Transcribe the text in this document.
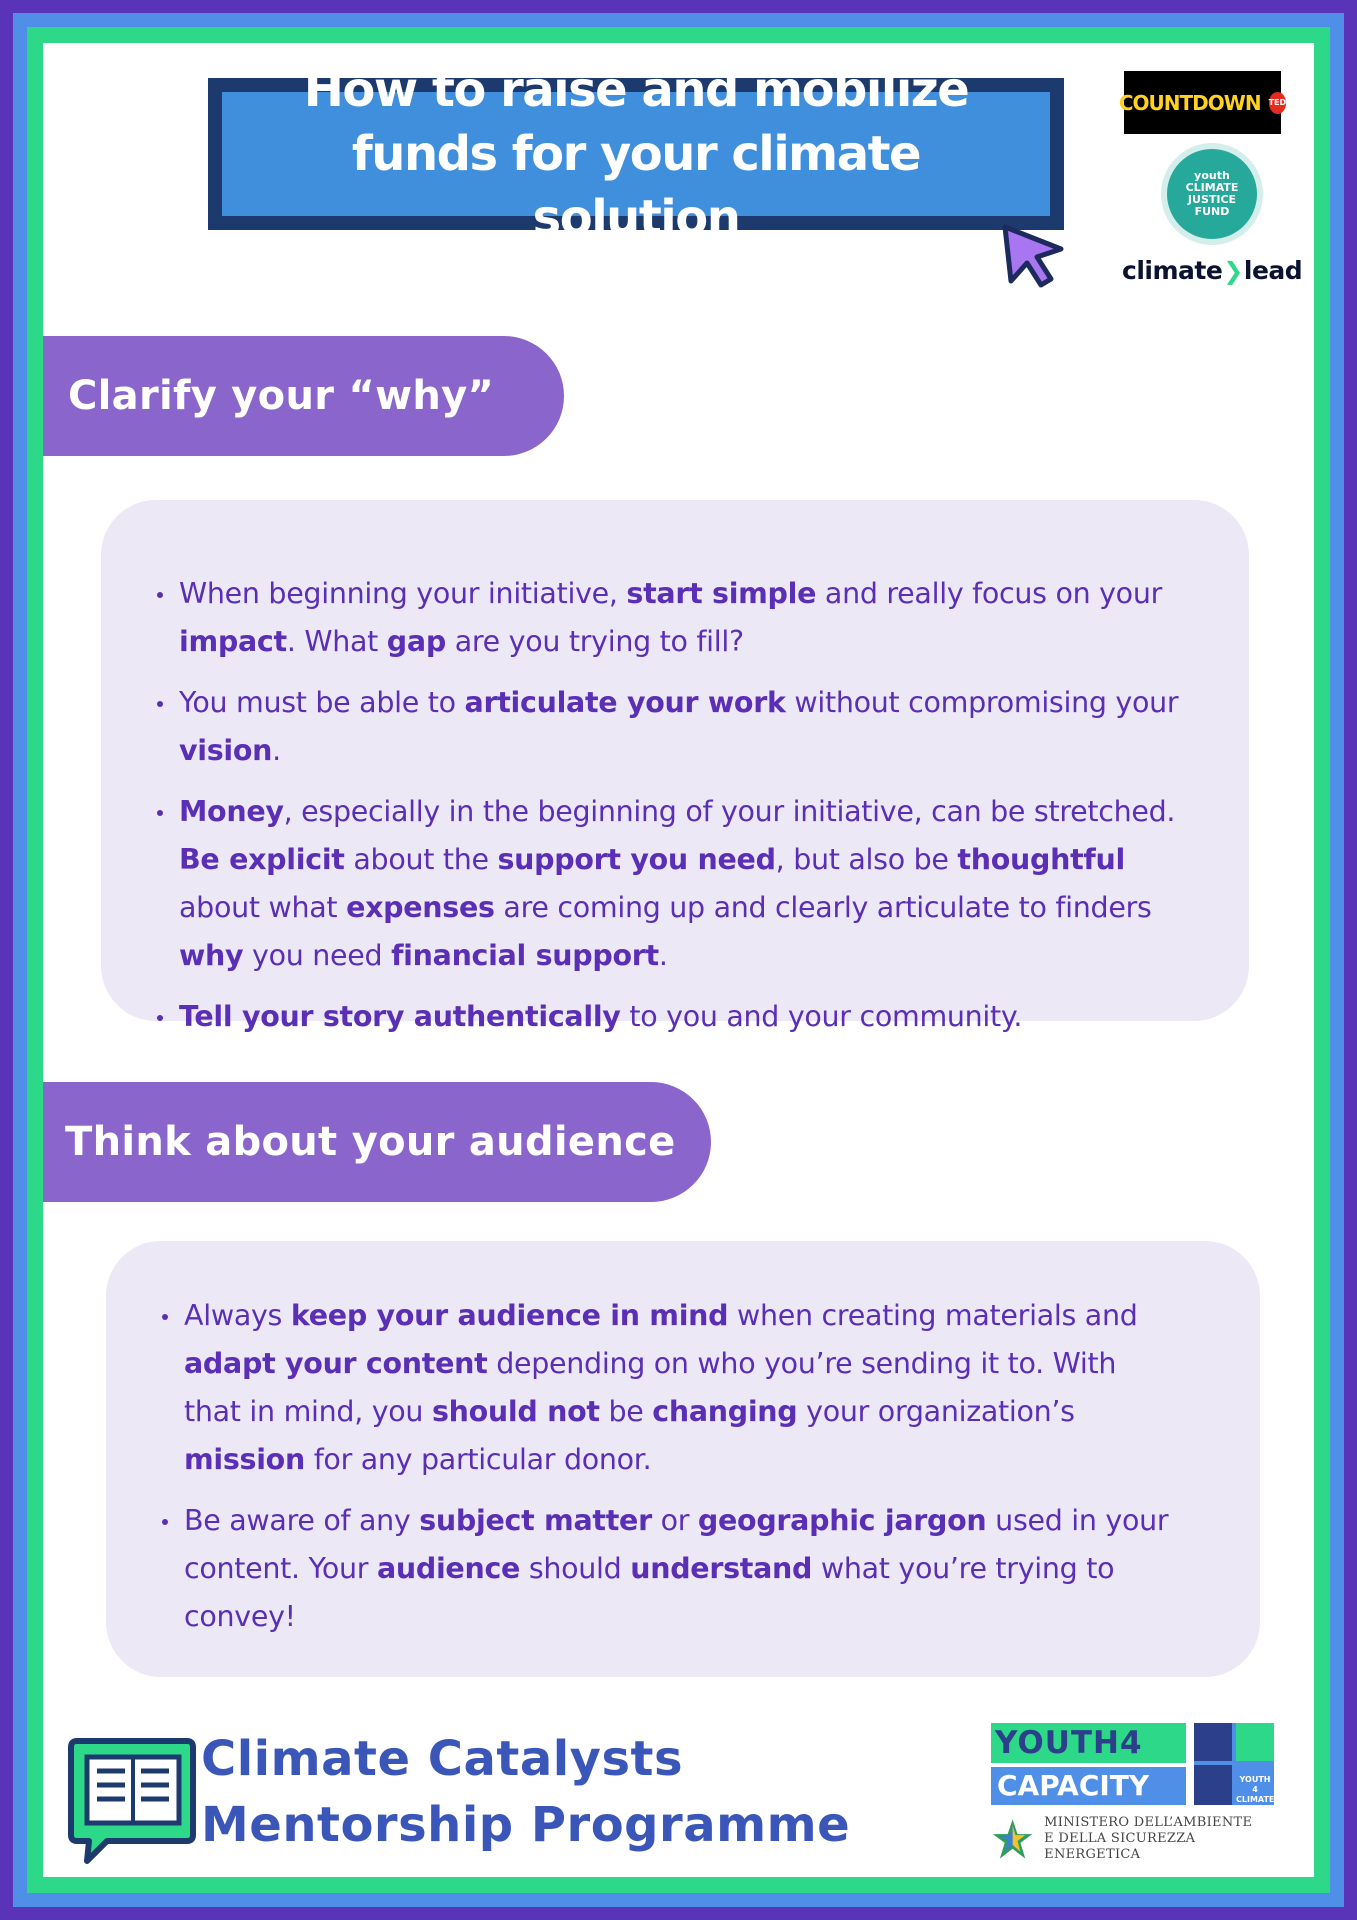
How to raise and mobilize funds for your climate solution
COUNTDOWN TED
youth
CLIMATE
JUSTICE
FUND
climate ❯ lead
Clarify your “why”
When beginning your initiative, start simple and really focus on your impact. What gap are you trying to fill?
You must be able to articulate your work without compromising your vision.
Money, especially in the beginning of your initiative, can be stretched. Be explicit about the support you need, but also be thoughtful about what expenses are coming up and clearly articulate to finders why you need financial support.
Tell your story authentically to you and your community.
Think about your audience
Always keep your audience in mind when creating materials and adapt your content depending on who you’re sending it to. With that in mind, you should not be changing your organization’s mission for any particular donor.
Be aware of any subject matter or geographic jargon used in your content. Your audience should understand what you’re trying to convey!
Climate Catalysts
Mentorship Programme
YOUTH4
CAPACITY	YOUTH 4
CLIMATE
MINISTERO DELL’AMBIENTE
E DELLA SICUREZZA ENERGETICA
